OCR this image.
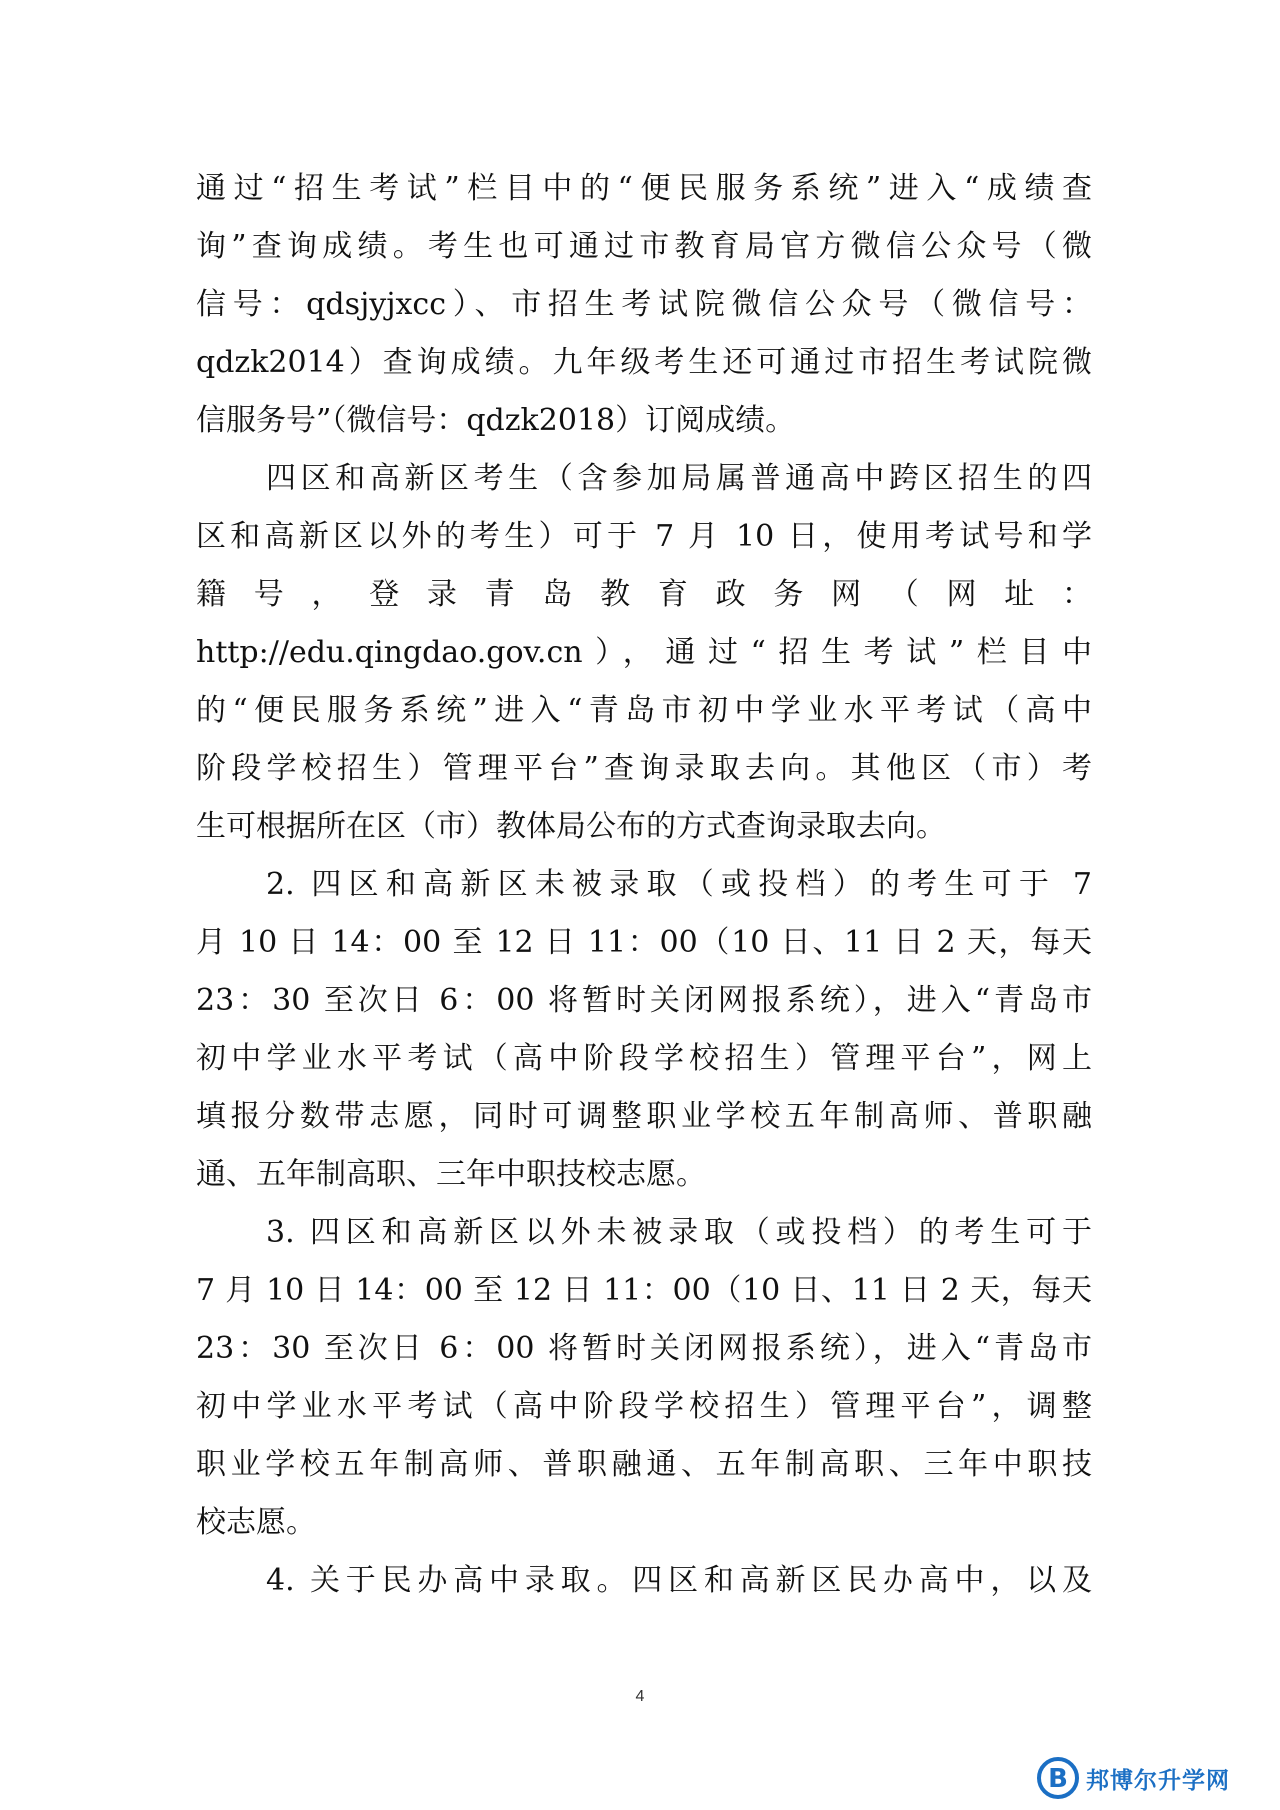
通过“招生考试”栏目中的“便民服务系统”进入“成绩查
询”查询成绩。考生也可通过市教育局官方微信公众号（微
信号：qdsjyjxcc）、市招生考试院微信公众号（微信号：
qdzk2014）查询成绩。九年级考生还可通过市招生考试院微
信服务号”（微信号：qdzk2018）订阅成绩。
四区和高新区考生（含参加局属普通高中跨区招生的四
区和高新区以外的考生）可于 7 月 10 日，使用考试号和学
籍 号 ， 登 录 青 岛 教 育 政 务 网 （ 网 址 ：
http://edu.qingdao.gov.cn），通过“招生考试”栏目中
的“便民服务系统”进入“青岛市初中学业水平考试（高中
阶段学校招生）管理平台”查询录取去向。其他区（市）考
生可根据所在区（市）教体局公布的方式查询录取去向。
2. 四区和高新区未被录取（或投档）的考生可于 7
月 10 日 14：00 至 12 日 11：00（10 日、11 日 2 天，每天
23：30 至次日 6：00 将暂时关闭网报系统），进入“青岛市
初中学业水平考试（高中阶段学校招生）管理平台”，网上
填报分数带志愿，同时可调整职业学校五年制高师、普职融
通、五年制高职、三年中职技校志愿。
3. 四区和高新区以外未被录取（或投档）的考生可于
7 月 10 日 14：00 至 12 日 11：00（10 日、11 日 2 天，每天
23：30 至次日 6：00 将暂时关闭网报系统），进入“青岛市
初中学业水平考试（高中阶段学校招生）管理平台”，调整
职业学校五年制高师、普职融通、五年制高职、三年中职技
校志愿。
4. 关于民办高中录取。四区和高新区民办高中，以及
4
B 邦博尔升学网
